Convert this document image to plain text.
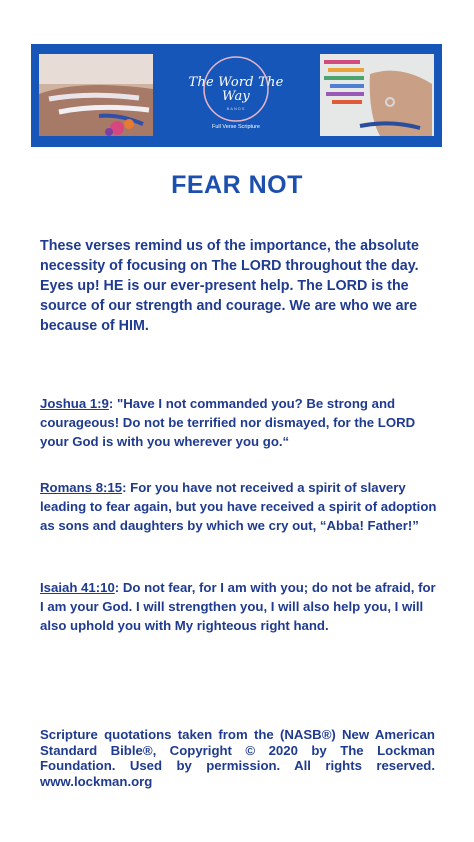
The Word The Way
BANDS
Full Verse Scripture
FEAR NOT
These verses remind us of the importance, the absolute necessity of focusing on The LORD throughout the day. Eyes up! HE is our ever-present help. The LORD is the source of our strength and courage. We are who we are because of HIM.
Joshua 1:9: "Have I not commanded you? Be strong and courageous! Do not be terrified nor dismayed, for the LORD your God is with you wherever you go.“
Romans 8:15: For you have not received a spirit of slavery leading to fear again, but you have received a spirit of adoption as sons and daughters by which we cry out, “Abba! Father!”
Isaiah 41:10: Do not fear, for I am with you; do not be afraid, for I am your God. I will strengthen you, I will also help you, I will also uphold you with My righteous right hand.
Scripture quotations taken from the (NASB®) New American Standard Bible®, Copyright © 2020 by The Lockman Foundation. Used by permission. All rights reserved. www.lockman.org
